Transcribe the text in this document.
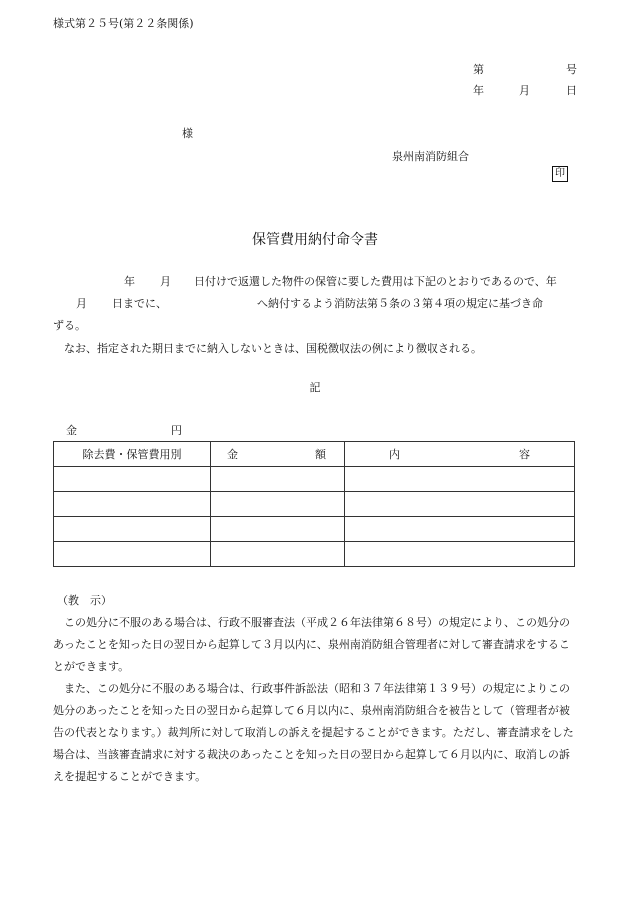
様式第２５号(第２２条関係)
第	号
年	月	日
様
泉州南消防組合
印
保管費用納付命令書
年 月 日付けで返還した物件の保管に要した費用は下記のとおりであるので、年
月 日までに、	へ納付するよう消防法第５条の３第４項の規定に基づき命
ずる。
なお、指定された期日までに納入しないときは、国税徴収法の例により徴収される。
記
金	円
除去費・保管費用別	金 額	内 容

（教　示）
この処分に不服のある場合は、行政不服審査法（平成２６年法律第６８号）の規定により、この処分の
あったことを知った日の翌日から起算して３月以内に、泉州南消防組合管理者に対して審査請求をするこ
とができます。
また、この処分に不服のある場合は、行政事件訴訟法（昭和３７年法律第１３９号）の規定によりこの
処分のあったことを知った日の翌日から起算して６月以内に、泉州南消防組合を被告として（管理者が被
告の代表となります。）裁判所に対して取消しの訴えを提起することができます。ただし、審査請求をした
場合は、当該審査請求に対する裁決のあったことを知った日の翌日から起算して６月以内に、取消しの訴
えを提起することができます。
